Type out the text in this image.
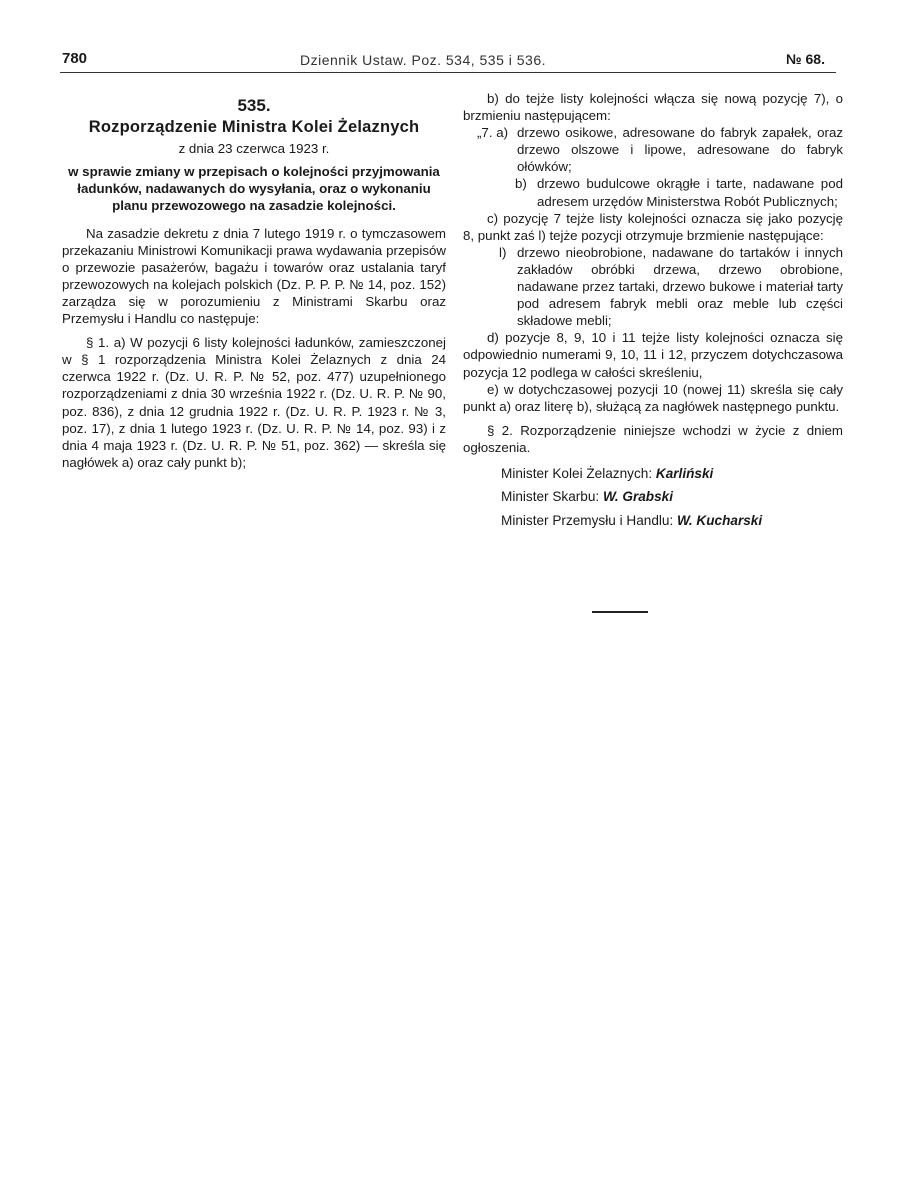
780	Dziennik Ustaw. Poz. 534, 535 i 536.	№ 68.
535.
Rozporządzenie Ministra Kolei Żelaznych
z dnia 23 czerwca 1923 r.
w sprawie zmiany w przepisach o kolejności przyjmowania ładunków, nadawanych do wysyłania, oraz o wykonaniu planu przewozowego na zasadzie kolejności.

Na zasadzie dekretu z dnia 7 lutego 1919 r. o tymczasowem przekazaniu Ministrowi Komunikacji prawa wydawania przepisów o przewozie pasażerów, bagażu i towarów oraz ustalania taryf przewozowych na kolejach polskich (Dz. P. P. P. № 14, poz. 152) zarządza się w porozumieniu z Ministrami Skarbu oraz Przemysłu i Handlu co następuje:

§ 1. a) W pozycji 6 listy kolejności ładunków, zamieszczonej w § 1 rozporządzenia Ministra Kolei Żelaznych z dnia 24 czerwca 1922 r. (Dz. U. R. P. № 52, poz. 477) uzupełnionego rozporządzeniami z dnia 30 września 1922 r. (Dz. U. R. P. № 90, poz. 836), z dnia 12 grudnia 1922 r. (Dz. U. R. P. 1923 r. № 3, poz. 17), z dnia 1 lutego 1923 r. (Dz. U. R. P. № 14, poz. 93) i z dnia 4 maja 1923 r. (Dz. U. R. P. № 51, poz. 362) — skreśla się nagłówek a) oraz cały punkt b);

b) do tejże listy kolejności włącza się nową pozycję 7), o brzmieniu następującem:

„7. a) drzewo osikowe, adresowane do fabryk zapałek, oraz drzewo olszowe i lipowe, adresowane do fabryk ołówków;
b) drzewo budulcowe okrągłe i tarte, nadawane pod adresem urzędów Ministerstwa Robót Publicznych;

c) pozycję 7 tejże listy kolejności oznacza się jako pozycję 8, punkt zaś l) tejże pozycji otrzymuje brzmienie następujące:

l) drzewo nieobrobione, nadawane do tartaków i innych zakładów obróbki drzewa, drzewo obrobione, nadawane przez tartaki, drzewo bukowe i materiał tarty pod adresem fabryk mebli oraz meble lub części składowe mebli;

d) pozycje 8, 9, 10 i 11 tejże listy kolejności oznacza się odpowiednio numerami 9, 10, 11 i 12, przyczem dotychczasowa pozycja 12 podlega w całości skreśleniu,

e) w dotychczasowej pozycji 10 (nowej 11) skreśla się cały punkt a) oraz literę b), służącą za nagłówek następnego punktu.

§ 2. Rozporządzenie niniejsze wchodzi w życie z dniem ogłoszenia.

Minister Kolei Żelaznych: Karliński

Minister Skarbu: W. Grabski

Minister Przemysłu i Handlu: W. Kucharski
